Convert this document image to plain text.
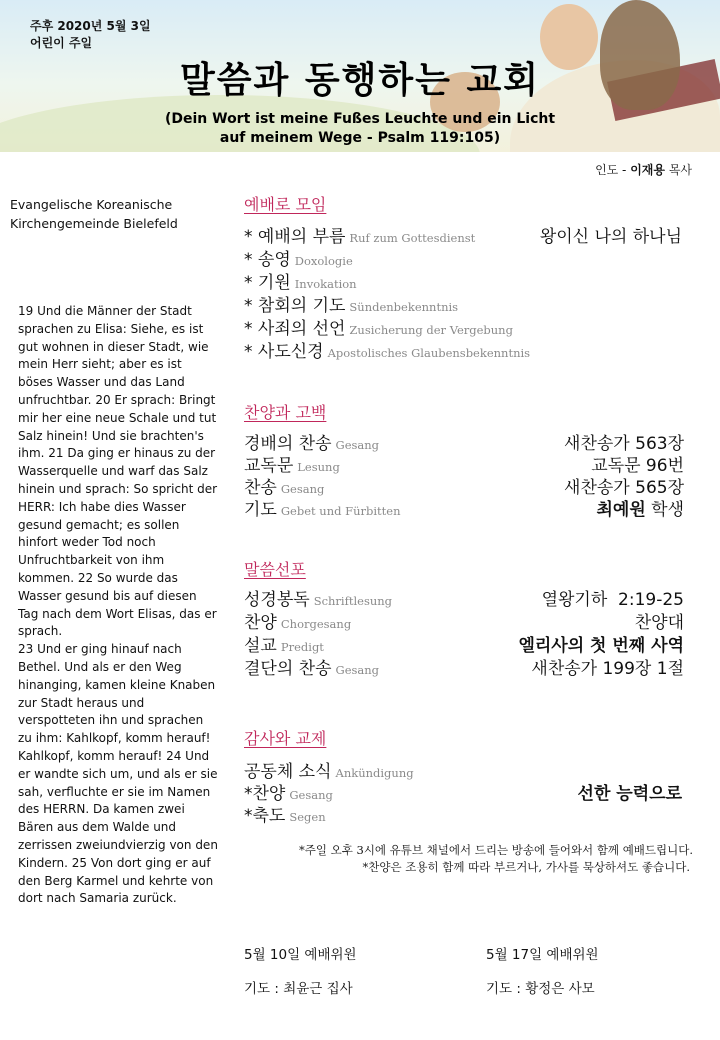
주후 2020년 5월 3일
어린이 주일
말씀과 동행하는 교회
(Dein Wort ist meine Fußes Leuchte und ein Licht auf meinem Wege - Psalm 119:105)
인도 - 이재용 목사
Evangelische Koreanische Kirchengemeinde Bielefeld
19 Und die Männer der Stadt sprachen zu Elisa: Siehe, es ist gut wohnen in dieser Stadt, wie mein Herr sieht; aber es ist böses Wasser und das Land unfruchtbar. 20 Er sprach: Bringt mir her eine neue Schale und tut Salz hinein! Und sie brachten's ihm. 21 Da ging er hinaus zu der Wasserquelle und warf das Salz hinein und sprach: So spricht der HERR: Ich habe dies Wasser gesund gemacht; es sollen hinfort weder Tod noch Unfruchtbarkeit von ihm kommen. 22 So wurde das Wasser gesund bis auf diesen Tag nach dem Wort Elisas, das er sprach.
23 Und er ging hinauf nach Bethel. Und als er den Weg hinanging, kamen kleine Knaben zur Stadt heraus und verspotteten ihn und sprachen zu ihm: Kahlkopf, komm herauf! Kahlkopf, komm herauf! 24 Und er wandte sich um, und als er sie sah, verfluchte er sie im Namen des HERRN. Da kamen zwei Bären aus dem Walde und zerrissen zweiundvierzig von den Kindern. 25 Von dort ging er auf den Berg Karmel und kehrte von dort nach Samaria zurück.
예배로 모임
* 예배의 부름 Ruf zum Gottesdienst	왕이신 나의 하나님
* 송영 Doxologie
* 기원 Invokation
* 참회의 기도 Sündenbekenntnis
* 사죄의 선언 Zusicherung der Vergebung
* 사도신경 Apostolisches Glaubensbekenntnis
찬양과 고백
경배의 찬송 Gesang	새찬송가 563장
교독문 Lesung	교독문 96번
찬송 Gesang	새찬송가 565장
기도 Gebet und Fürbitten	최예원 학생
말씀선포
성경봉독 Schriftlesung	열왕기하  2:19-25
찬양 Chorgesang	찬양대
설교 Predigt	엘리사의 첫 번째 사역
결단의 찬송 Gesang	새찬송가 199장 1절
감사와 교제
공동체 소식 Ankündigung
*찬양 Gesang	선한 능력으로
*축도 Segen
*주일 오후 3시에 유튜브 채널에서 드리는 방송에 들어와서 함께 예배드립니다.
*찬양은 조용히 함께 따라 부르거나, 가사를 묵상하셔도 좋습니다.
5월 10일 예배위원
기도 : 최윤근 집사
5월 17일 예배위원
기도 : 황정은 사모
